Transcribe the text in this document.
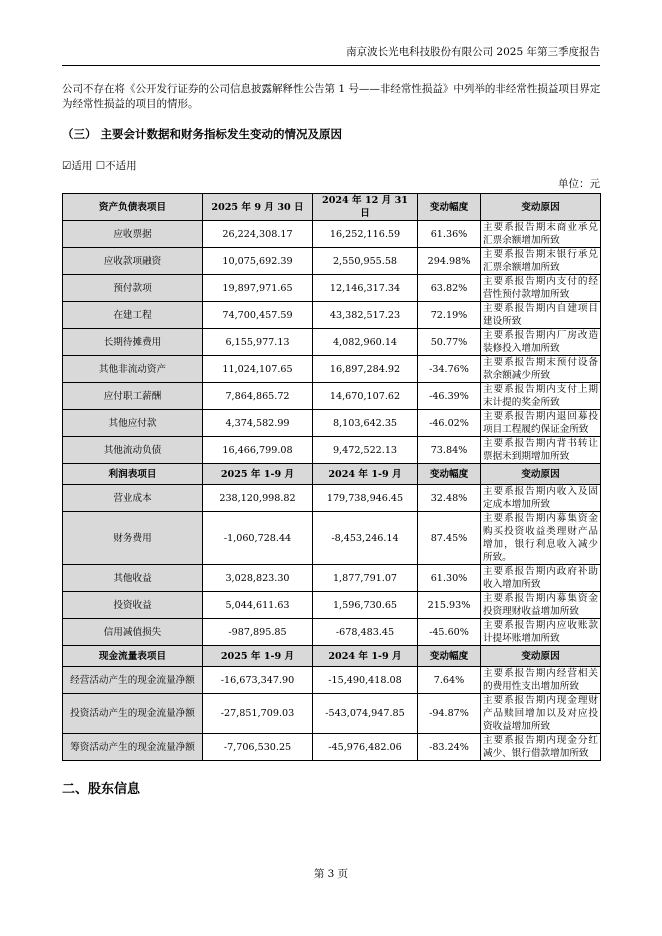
南京波长光电科技股份有限公司 2025 年第三季度报告
公司不存在将《公开发行证券的公司信息披露解释性公告第 1 号——非经常性损益》中列举的非经常性损益项目界定为经常性损益的项目的情形。
（三） 主要会计数据和财务指标发生变动的情况及原因
☑适用 ☐不适用
单位：元
资产负债表项目	2025 年 9 月 30 日	2024 年 12 月 31 日	变动幅度	变动原因
应收票据	26,224,308.17	16,252,116.59	61.36%	主要系报告期末商业承兑汇票余额增加所致
应收款项融资	10,075,692.39	2,550,955.58	294.98%	主要系报告期末银行承兑汇票余额增加所致
预付款项	19,897,971.65	12,146,317.34	63.82%	主要系报告期内支付的经营性预付款增加所致
在建工程	74,700,457.59	43,382,517.23	72.19%	主要系报告期内自建项目建设所致
长期待摊费用	6,155,977.13	4,082,960.14	50.77%	主要系报告期内厂房改造装修投入增加所致
其他非流动资产	11,024,107.65	16,897,284.92	-34.76%	主要系报告期末预付设备款余额减少所致
应付职工薪酬	7,864,865.72	14,670,107.62	-46.39%	主要系报告期内支付上期末计提的奖金所致
其他应付款	4,374,582.99	8,103,642.35	-46.02%	主要系报告期内退回募投项目工程履约保证金所致
其他流动负债	16,466,799.08	9,472,522.13	73.84%	主要系报告期内背书转让票据未到期增加所致
利润表项目	2025 年 1-9 月	2024 年 1-9 月	变动幅度	变动原因
营业成本	238,120,998.82	179,738,946.45	32.48%	主要系报告期内收入及固定成本增加所致
财务费用	-1,060,728.44	-8,453,246.14	87.45%	主要系报告期内募集资金购买投资收益类理财产品增加，银行利息收入减少所致。
其他收益	3,028,823.30	1,877,791.07	61.30%	主要系报告期内政府补助收入增加所致
投资收益	5,044,611.63	1,596,730.65	215.93%	主要系报告期内募集资金投资理财收益增加所致
信用减值损失	-987,895.85	-678,483.45	-45.60%	主要系报告期内应收账款计提坏账增加所致
现金流量表项目	2025 年 1-9 月	2024 年 1-9 月	变动幅度	变动原因
经营活动产生的现金流量净额	-16,673,347.90	-15,490,418.08	7.64%	主要系报告期内经营相关的费用性支出增加所致
投资活动产生的现金流量净额	-27,851,709.03	-543,074,947.85	-94.87%	主要系报告期内现金理财产品赎回增加以及对应投资收益增加所致
筹资活动产生的现金流量净额	-7,706,530.25	-45,976,482.06	-83.24%	主要系报告期内现金分红减少、银行借款增加所致
二、股东信息
第 3 页
